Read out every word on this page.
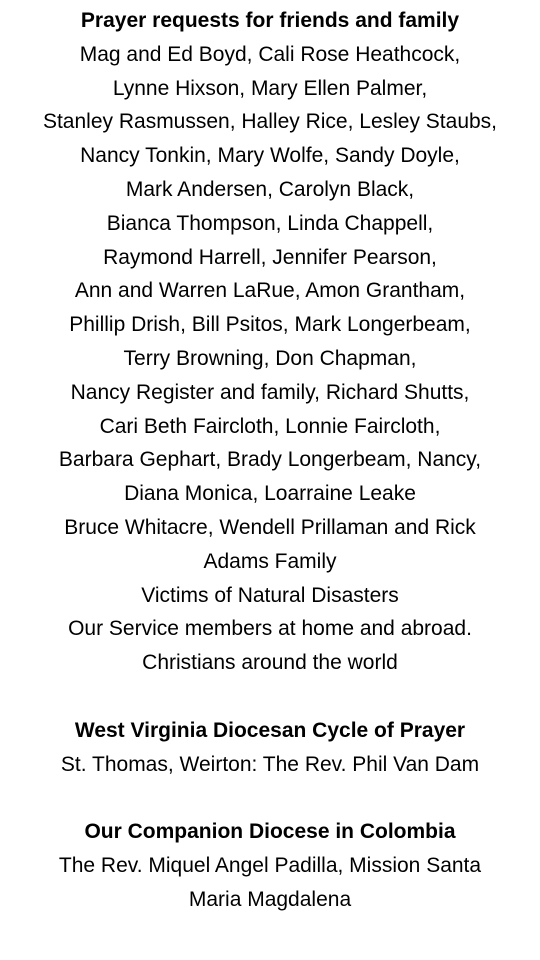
Prayer requests for friends and family
Mag and Ed Boyd, Cali Rose Heathcock,
Lynne Hixson, Mary Ellen Palmer,
Stanley Rasmussen, Halley Rice, Lesley Staubs,
Nancy Tonkin, Mary Wolfe, Sandy Doyle,
Mark Andersen, Carolyn Black,
Bianca Thompson, Linda Chappell,
Raymond Harrell, Jennifer Pearson,
Ann and Warren LaRue, Amon Grantham,
Phillip Drish, Bill Psitos, Mark Longerbeam,
Terry Browning, Don Chapman,
Nancy Register and family, Richard Shutts,
Cari Beth Faircloth, Lonnie Faircloth,
Barbara Gephart, Brady Longerbeam, Nancy,
Diana Monica, Loarraine Leake
Bruce Whitacre, Wendell Prillaman and Rick
Adams Family
Victims of Natural Disasters
Our Service members at home and abroad.
Christians around the world
West Virginia Diocesan Cycle of Prayer
St. Thomas, Weirton: The Rev. Phil Van Dam
Our Companion Diocese in Colombia
The Rev. Miquel Angel Padilla, Mission Santa
Maria Magdalena
